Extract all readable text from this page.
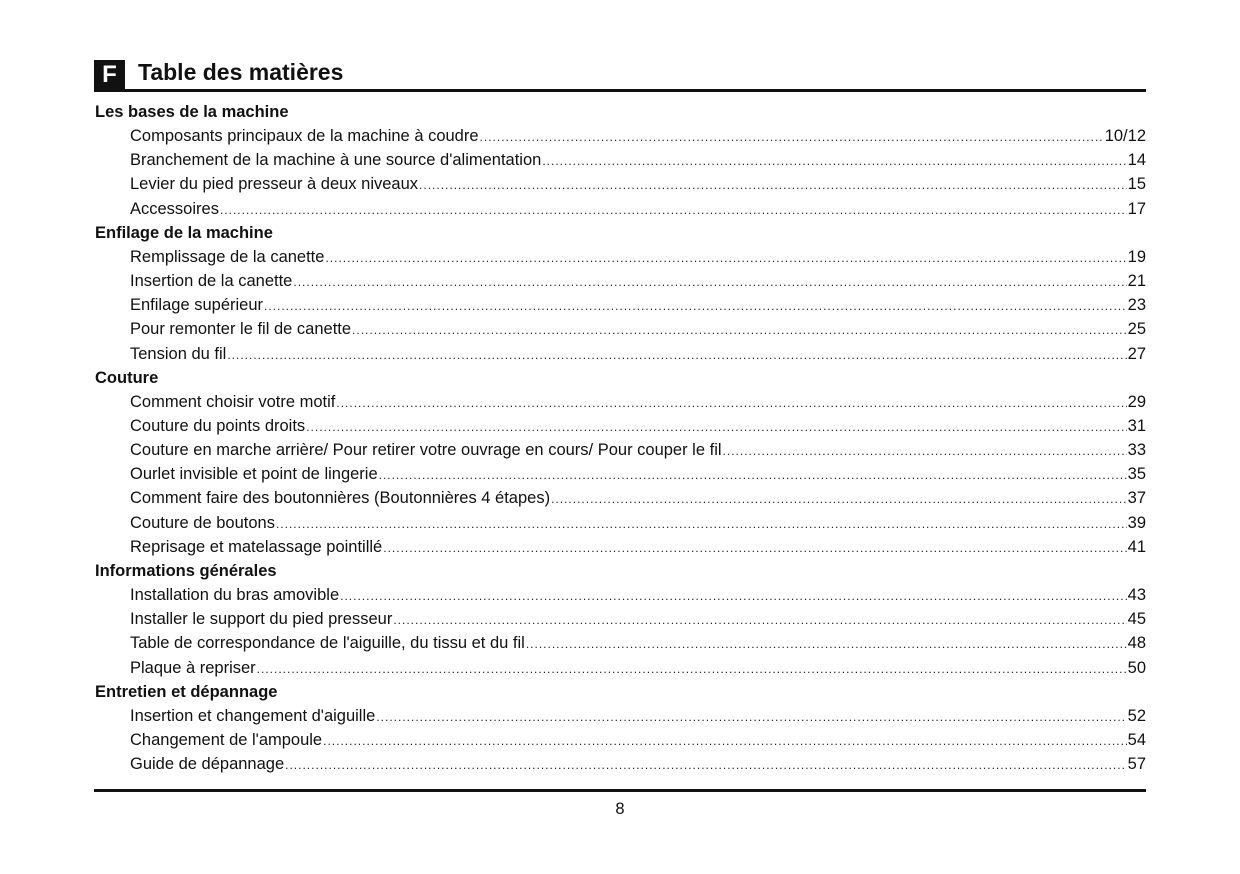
F Table des matières
Les bases de la machine
Composants principaux de la machine à coudre .....	10/12
Branchement de la machine à une source d'alimentation .....	14
Levier du pied presseur à deux niveaux .....	15
Accessoires .....	17
Enfilage de la machine
Remplissage de la canette .....	19
Insertion de la canette .....	21
Enfilage supérieur .....	23
Pour remonter le fil de canette .....	25
Tension du fil .....	27
Couture
Comment choisir votre motif .....	29
Couture du points droits .....	31
Couture en marche arrière/ Pour retirer votre ouvrage en cours/ Pour couper le fil .....	33
Ourlet invisible et point de lingerie .....	35
Comment faire des boutonnières (Boutonnières 4 étapes) .....	37
Couture de boutons .....	39
Reprisage et matelassage pointillé .....	41
Informations générales
Installation du bras amovible .....	43
Installer le support du pied presseur .....	45
Table de correspondance de l'aiguille, du tissu et du fil .....	48
Plaque à repriser .....	50
Entretien et dépannage
Insertion et changement d'aiguille .....	52
Changement de l'ampoule .....	54
Guide de dépannage .....	57
8
